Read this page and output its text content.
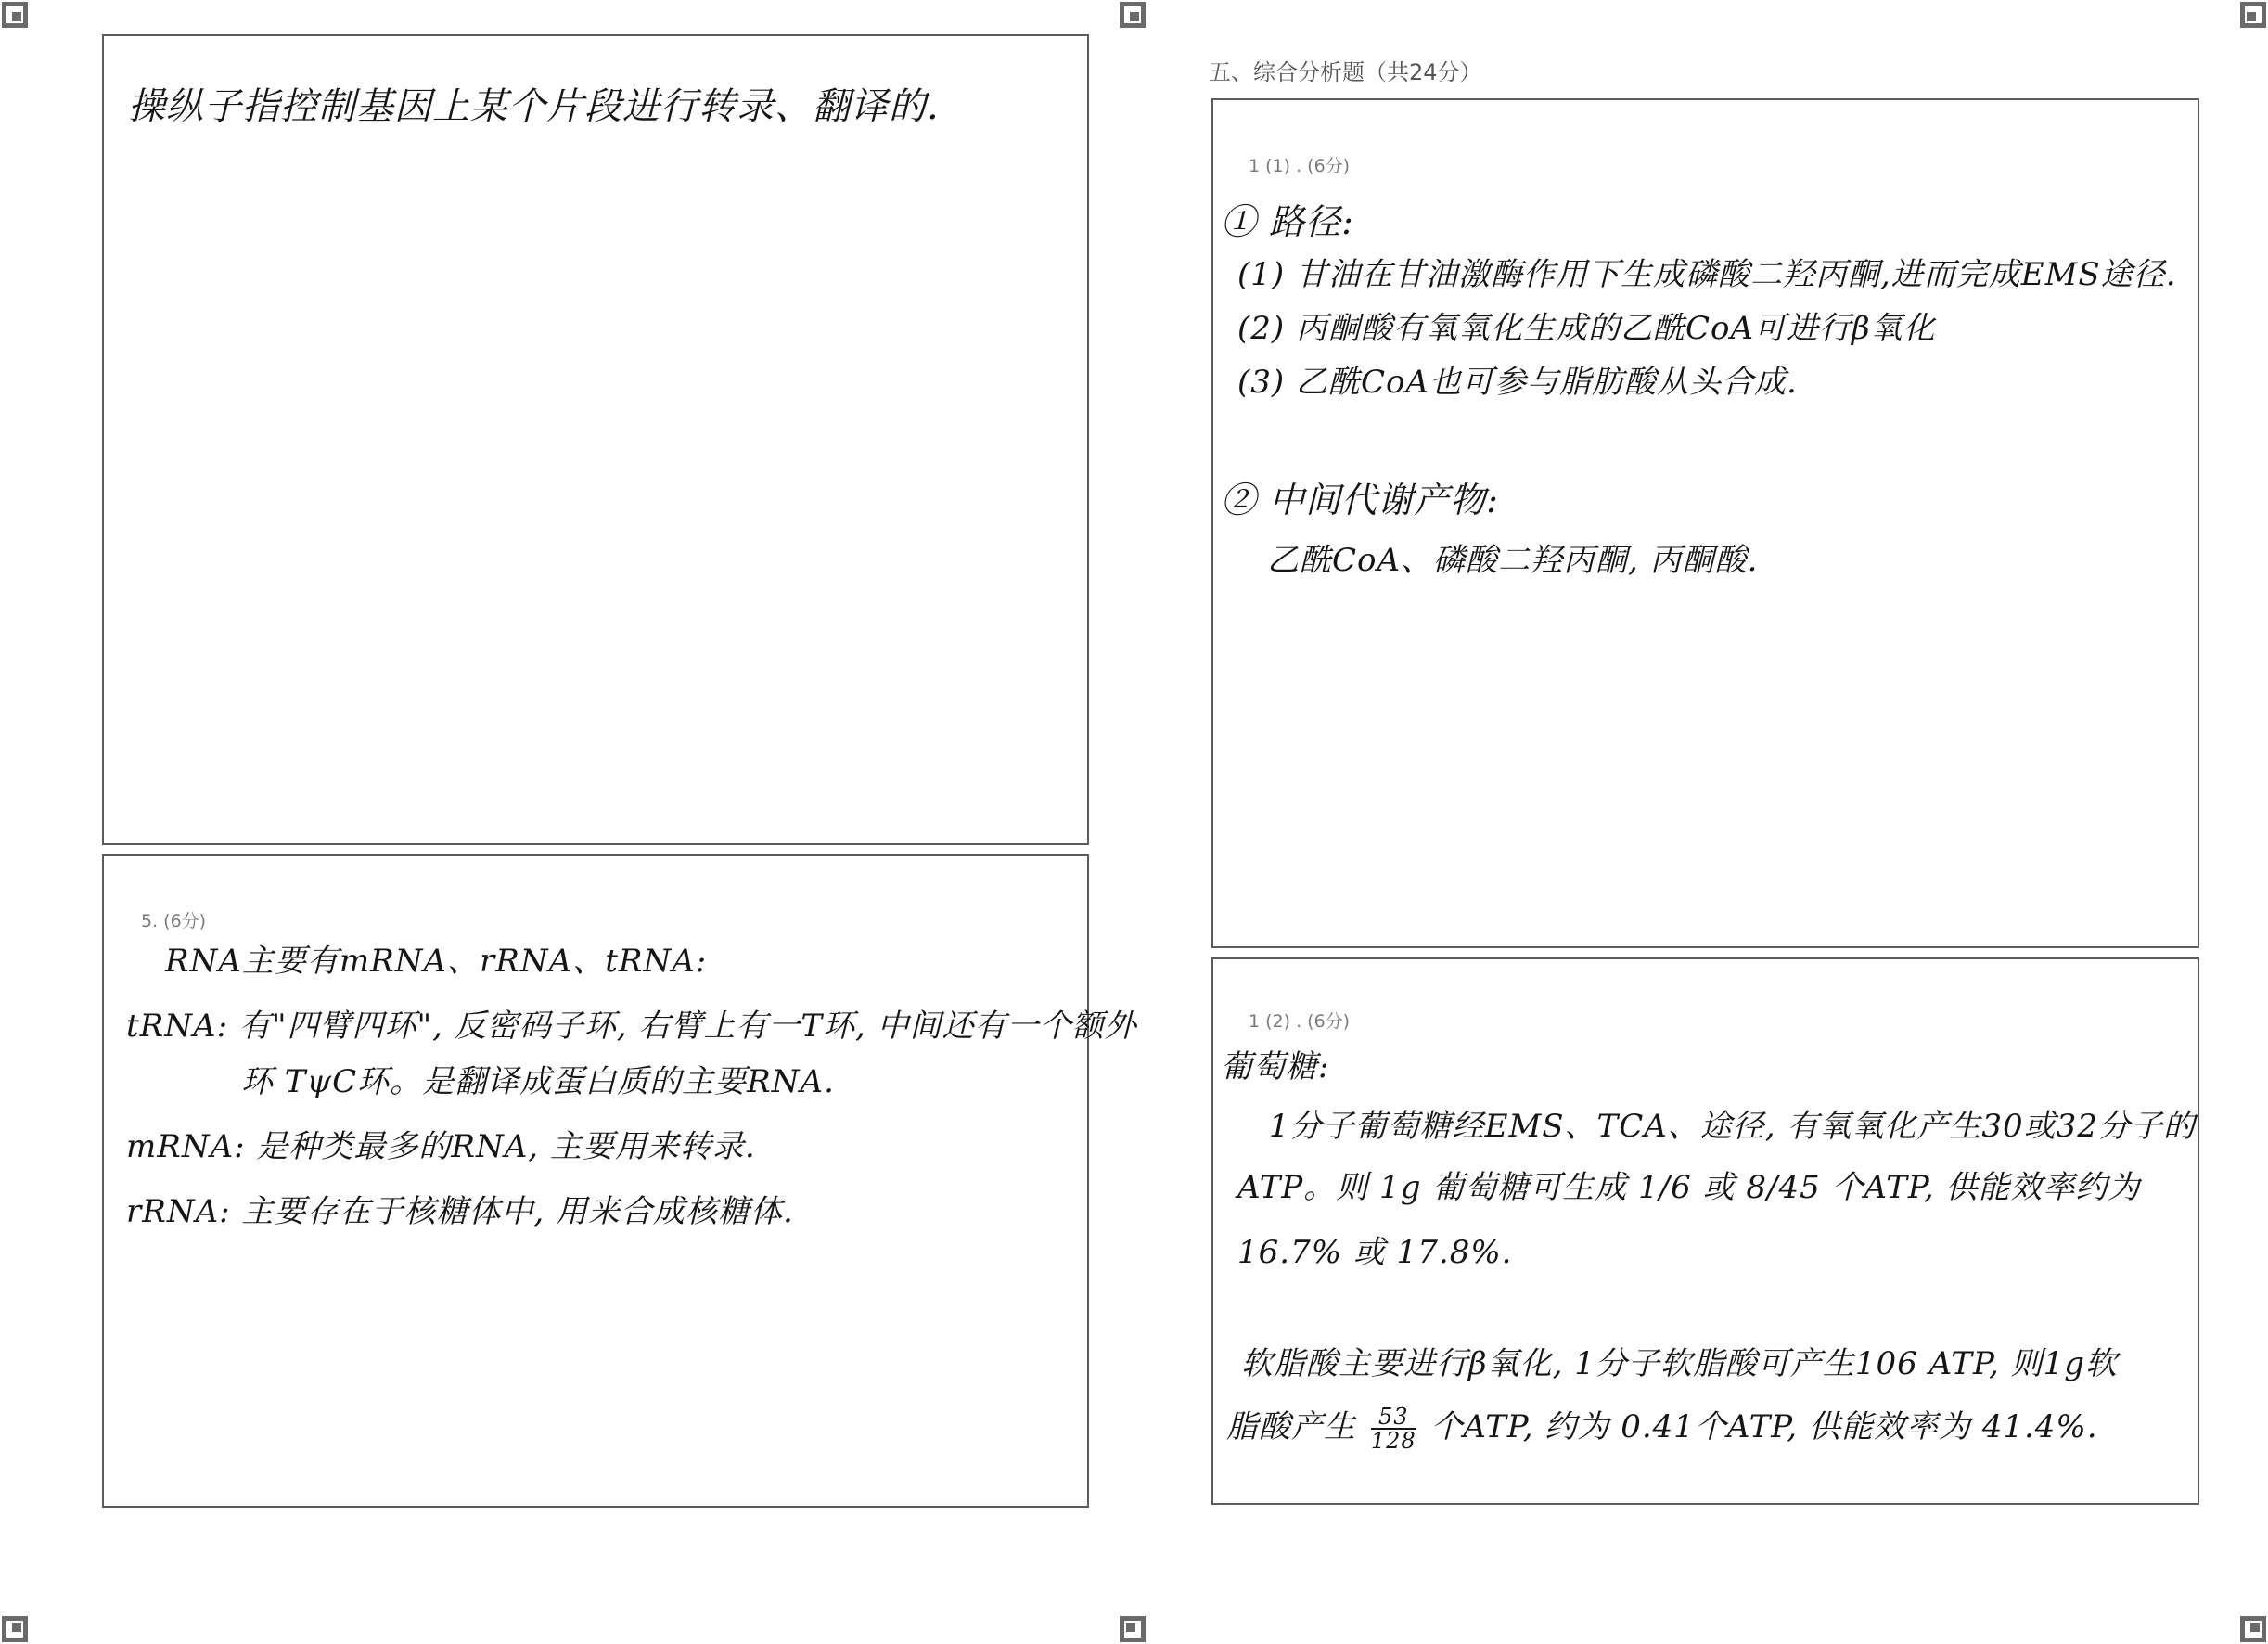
操纵子指控制基因上某个片段进行转录、翻译的.
5. (6分)
RNA主要有mRNA、rRNA、tRNA:
tRNA: 有"四臂四环", 反密码子环, 右臂上有一T环, 中间还有一个额外
环 TψC环。是翻译成蛋白质的主要RNA.
mRNA: 是种类最多的RNA, 主要用来转录.
rRNA: 主要存在于核糖体中, 用来合成核糖体.
五、综合分析题（共24分）
1 (1) . (6分)
① 路径:
(1) 甘油在甘油激酶作用下生成磷酸二羟丙酮,进而完成EMS途径.
(2) 丙酮酸有氧氧化生成的乙酰CoA可进行β氧化
(3) 乙酰CoA也可参与脂肪酸从头合成.
② 中间代谢产物:
乙酰CoA、磷酸二羟丙酮, 丙酮酸.
1 (2) . (6分)
葡萄糖:
1分子葡萄糖经EMS、TCA、途径, 有氧氧化产生30或32分子的
ATP。则 1g 葡萄糖可生成 1/6 或 8/45 个ATP, 供能效率约为
16.7% 或 17.8%.
软脂酸主要进行β氧化, 1分子软脂酸可产生106 ATP, 则1g软
脂酸产生 $\frac{53}{128}$ 个ATP, 约为 0.41个ATP, 供能效率为 41.4%.
